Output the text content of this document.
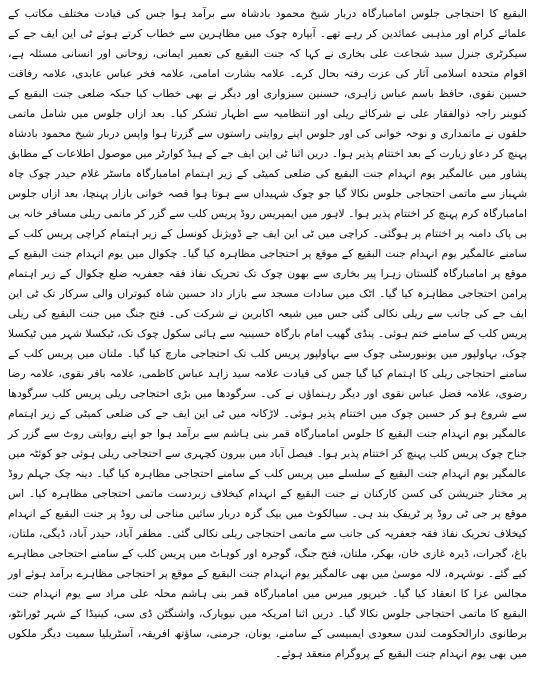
البقیع کا احتجاجی جلوس امامبارگاہ دربار شیخ محمود بادشاہ سے برآمد ہوا جس کی قیادت مختلف مکاتب کے علمائے کرام اور مذہبی عمائدین کر رہے تھے۔ آبپارہ چوک میں مظاہرین سے خطاب کرتے ہوئے ٹی این ایف جے کے سیکرٹری جنرل سید شجاعت علی بخاری نے کہا کہ جنت البقیع کی تعمیر ایمانی، روحانی اور انسانی مسئلہ ہے، اقوام متحدہ اسلامی آثار کی عزت رفتہ بحال کرے۔ علامہ بشارت امامی، علامہ فخر عباس عابدی، علامہ رفاقت حسین نقوی، حافظ باسم عباس زاہری، حسنین سبزواری اور دیگر نے بھی خطاب کیا جبکہ ضلعی جنت البقیع کے کنوینر راجہ ذوالفقار علی نے شرکائے ریلی اور انتظامیہ سے اظہار تشکر کیا۔ بعد ازاں جلوس میں شامل ماتمی حلقوں نے ماتمداری و نوحہ خوانی کی اور جلوس اپنے روایتی راستوں سے گزرتا ہوا واپس دربار شیخ محمود بادشاہ پہنچ کر دعاو زیارت کے بعد اختتام پذیر ہوا۔ دریں اثنا ٹی این ایف جے کے ہیڈ کوارٹر میں موصول اطلاعات کے مطابق پشاور میں عالمگیر یوم انہدام جنت البقیع کی ضلعی کمیٹی کے زیر اہتمام امامبارگاہ ماسٹر غلام حیدر چوک چاہ شہباز سے ماتمی احتجاجی جلوس نکالا گیا جو چوک شہیداں سے ہوتا ہوا قصہ خوانی بازار پہنچا، بعد ازاں جلوس امامبارگاہ کرم پہنچ کر اختتام پذیر ہوا۔ لاہور میں ایمپریس روڈ پریس کلب سے گزر کر ماتمی ریلی مسافر خانہ بی بی پاک دامنہ پر اختتام پر ہوگئی۔ کراچی میں ٹی این ایف جے ڈویژنل کونسل کے زیر اہتمام کراچی پریس کلب کے سامنے عالمگیر یوم انہدام جنت البقیع کے موقع پر احتجاجی مظاہرہ کیا گیا۔ چکوال میں یوم انہدام جنت البقیع کے موقع پر امامبارگاہ گلستان زہرا پیر بخاری سے بھون چوک تک تحریک نفاذ فقہ جعفریہ ضلع چکوال کے زیر اہتمام پرامن احتجاجی مظاہرہ کیا گیا۔ اٹک میں سادات مسجد سے بازار داد حسین شاہ کبوتراں والی سرکار تک ٹی این ایف جے کی جانب سے ریلی نکالی گئی جس میں شیعہ اکابرین نے شرکت کی۔ فتح جنگ میں جنت البقیع کی ریلی پریس کلب کے سامنے ختم ہوئی۔ پنڈی گھیب امام بارگاہ حسینیہ سے ہائی سکول چوک تک، ٹیکسلا شہر میں ٹیکسلا چوک، بہاولپور میں یونیورسٹی چوک سے بہاولپور پریس کلب تک احتجاجی مارچ کیا گیا۔ ملتان میں پریس کلب کے سامنے احتجاجی ریلی کا اہتمام کیا گیا جس کی قیادت علامہ سید زاہد عباس کاظمی، علامہ باقر نقوی، علامہ رضا رضوی، علامہ فضل عباس نقوی اور دیگر رہنماؤں نے کی۔ سرگودھا میں بڑی احتجاجی ریلی پریس کلب سرگودھا سے شروع ہو کر حسین چوک میں اختتام پذیر ہوئی۔ لاڑکانہ میں ٹی این ایف جے کی ضلعی کمیٹی کے زیر اہتمام عالمگیر یوم انہدام جنت البقیع کا جلوس امامبارگاہ قمر بنی ہاشم سے برآمد ہوا جو اپنے روایتی روٹ سے گزر کر جناح چوک پریس کلب پہنچ کر اختتام پذیر ہوا۔ فیصل آباد میں بیرون کچہری سے احتجاجی ریلی ہوئی جو کوئٹہ میں عالمگیر یوم انہدام جنت البقیع کے سلسلے میں پریس کلب کے سامنے احتجاجی مظاہرہ کیا گیا۔ دینہ چک جہلم روڈ پر مختار جنریشن کی کسن کارکنان نے جنت البقیع کے انہدام کیخلاف زبردست ماتمی احتجاجی مظاہرہ کیا۔ اس موقع پر جی ٹی روڈ پر ٹریفک بند ہی۔ سیالکوٹ میں بیک گزہ دربار سائیں مناجی لی روڈ پر جنت البقیع کے انہدام کیخلاف تحریک نفاذ فقہ جعفریہ کی جانب سے ماتمی احتجاجی ریلی نکالی گئی۔ مظفر آباد، حیدر آباد، ڈیگی، ملتان، باغ، گجرات، ڈیرہ غازی خان، بھکر، ملتان، فتح جنگ، گوجرہ اور کوہاٹ میں پریس کلب کے سامنے احتجاجی مظاہرے کیے گئے۔ نوشہرہ، لالہ موسیٰ میں بھی عالمگیر یوم انہدام جنت البقیع کے موقع پر احتجاجی مظاہرے برآمد ہوئے اور مجالس عزا کا انعقاد کیا گیا۔ خیرپور میرس میں امامبارگاہ قمر بنی ہاشم محلہ علی مراد سے یوم انہدام جنت البقیع کا ماتمی احتجاجی جلوس نکالا گیا۔ دریں اثنا امریکہ میں نیویارک، واشنگٹن ڈی سی، کینیڈا کے شہر ٹورانٹو، برطانوی دارالحکومت لندن سعودی ایمبیسی کے سامنے، یونان، جرمنی، ساؤتھ افریقہ، آسٹریلیا سمیت دیگر ملکوں میں بھی یوم انہدام جنت البقیع کے پروگرام منعقد ہوئے۔
